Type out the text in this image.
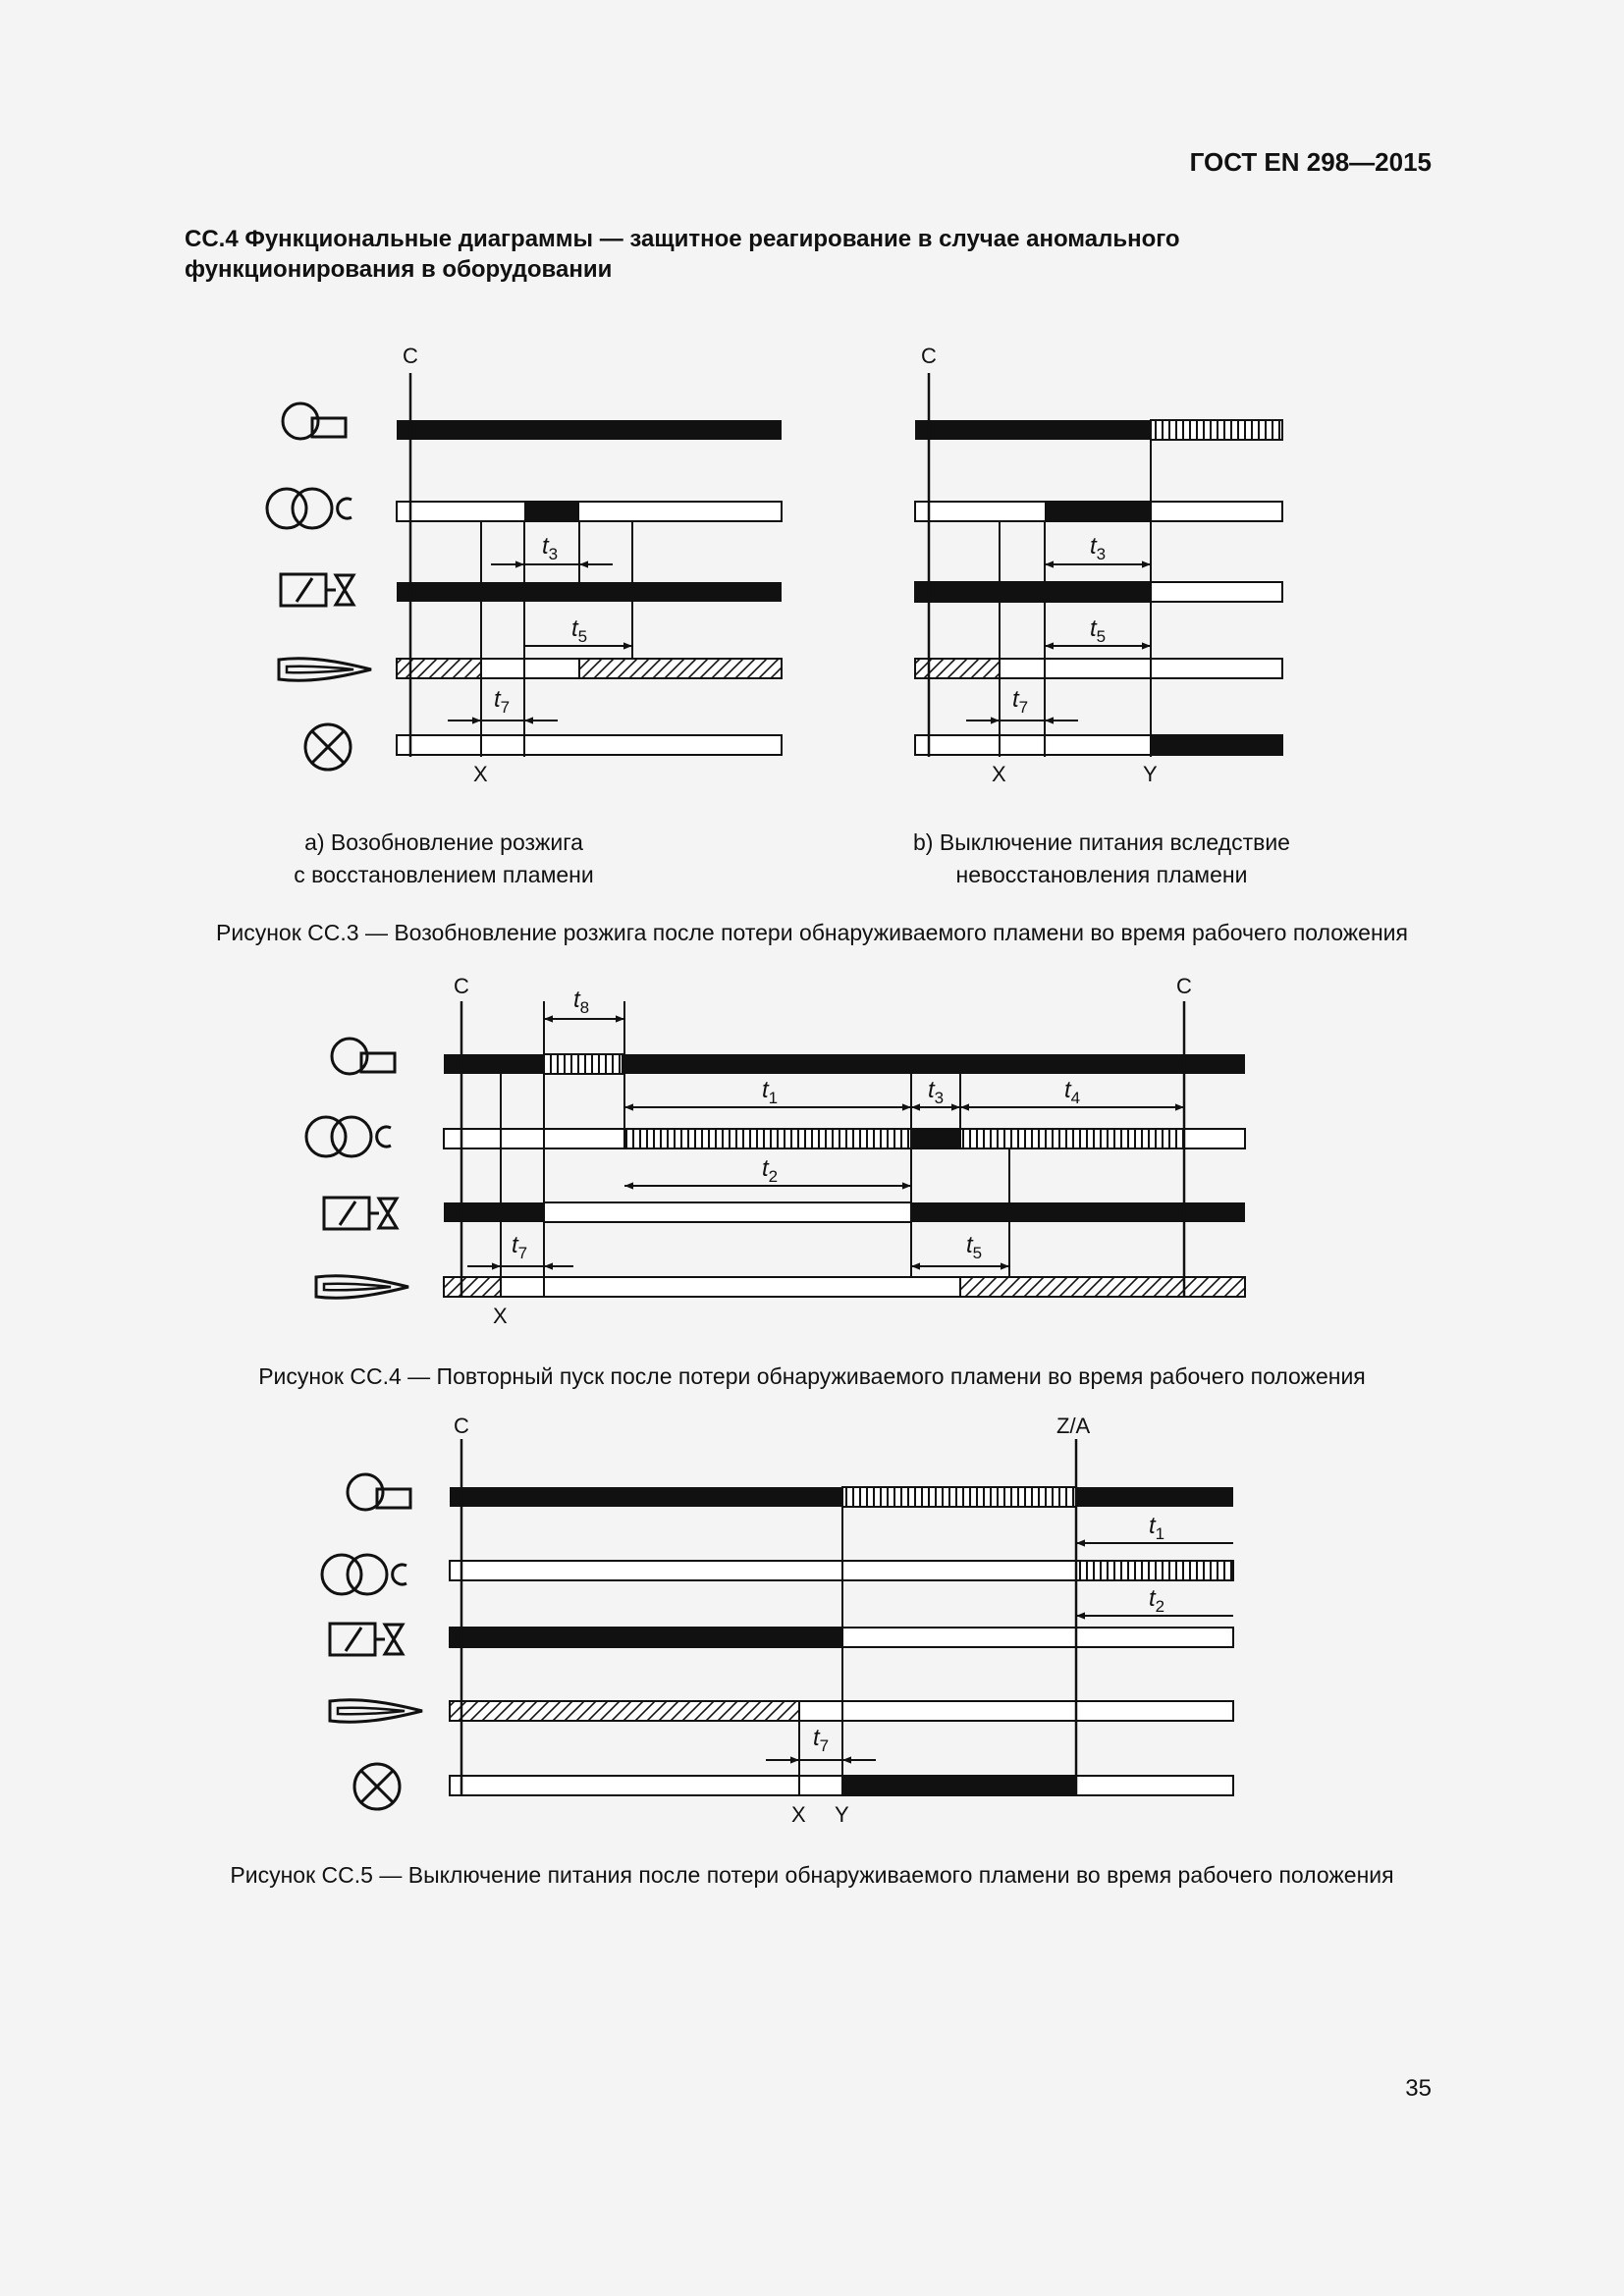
ГОСТ EN 298—2015
CC.4 Функциональные диаграммы — защитное реагирование в случае аномального
функционирования в оборудовании
$t_3$
$t_5$
$t_7$
C
X
$t_3$
$t_5$
$t_7$
C
X	Y
$t_8$
$t_1$	$t_3$	$t_4$
$t_2$
$t_7$	$t_5$
C	C
X
$t_1$
$t_2$
$t_7$
C	Z/A
X Y
a) Возобновление розжига
с восстановлением пламени
b) Выключение питания вследствие
невосстановления пламени
Рисунок CC.3 — Возобновление розжига после потери обнаруживаемого пламени во время рабочего положения
Рисунок CC.4 — Повторный пуск после потери обнаруживаемого пламени во время рабочего положения
Рисунок CC.5 — Выключение питания после потери обнаруживаемого пламени во время рабочего положения
35
